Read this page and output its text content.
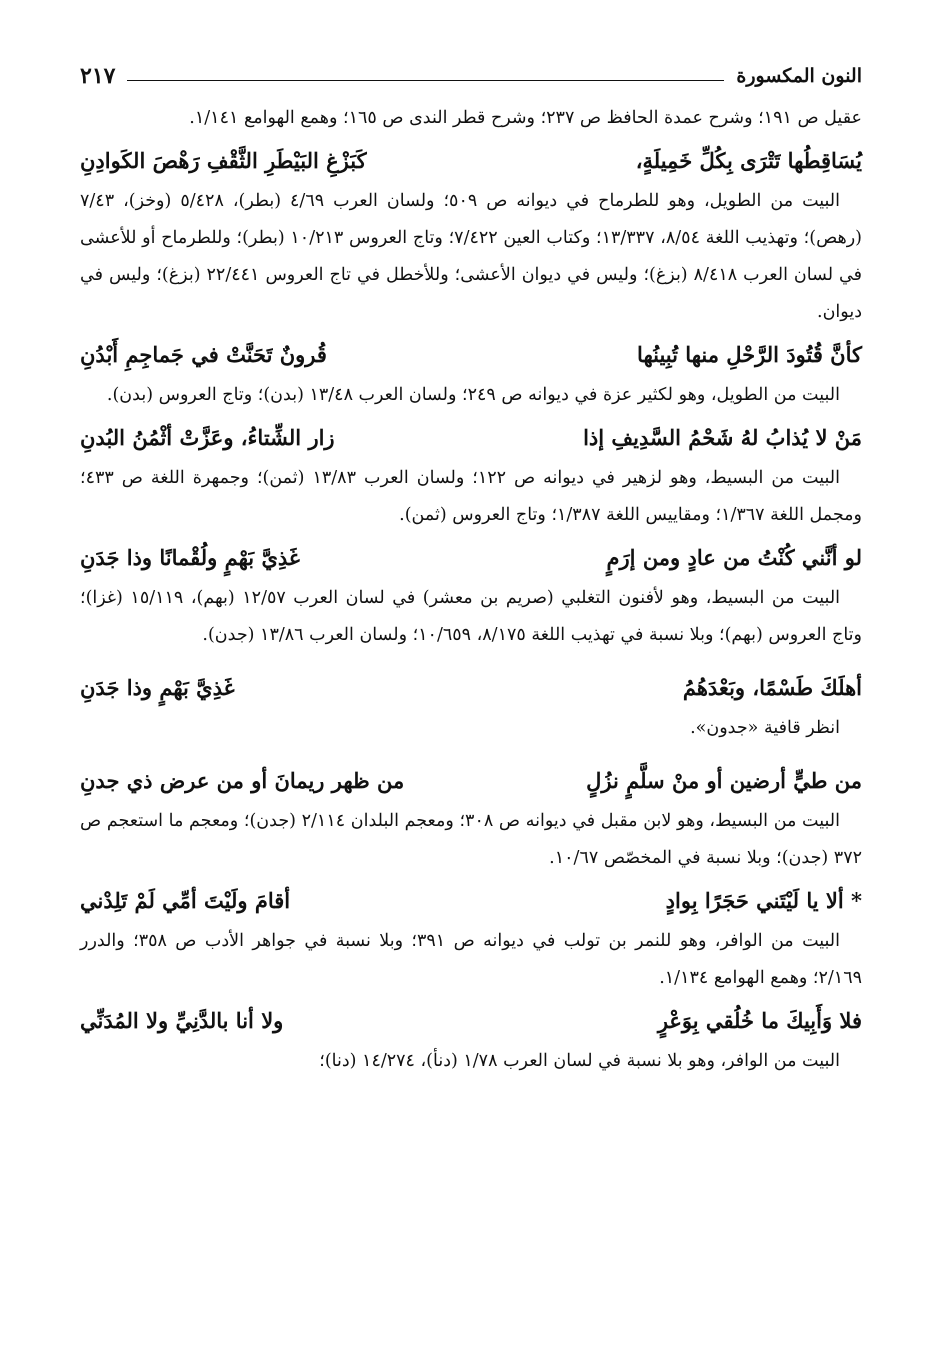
النون المكسورة
٢١٧
عقيل ص ١٩١؛ وشرح عمدة الحافظ ص ٢٣٧؛ وشرح قطر الندى ص ١٦٥؛ وهمع الهوامع ١/١٤١.
يُسَاقِطُها تَتْرَى بِكُلِّ خَمِيلَةٍ،
كَبَزْغِ البَيْطَرِ الثَّقْفِ رَهْصَ الكَوادِنِ
البيت من الطويل، وهو للطرماح في ديوانه ص ٥٠٩؛ ولسان العرب ٤/٦٩ (بطر)، ٥/٤٢٨ (وخز)، ٧/٤٣ (رهص)؛ وتهذيب اللغة ٨/٥٤، ١٣/٣٣٧؛ وكتاب العين ٧/٤٢٢؛ وتاج العروس ١٠/٢١٣ (بطر)؛ وللطرماح أو للأعشى في لسان العرب ٨/٤١٨ (بزغ)؛ وليس في ديوان الأعشى؛ وللأخطل في تاج العروس ٢٢/٤٤١ (بزغ)؛ وليس في ديوان.
كأنَّ قُتُودَ الرَّحْلِ منها تُبِينُها
قُرونٌ تَحَنَّتْ في جَماجِمِ أَبْدُنِ
البيت من الطويل، وهو لكثير عزة في ديوانه ص ٢٤٩؛ ولسان العرب ١٣/٤٨ (بدن)؛ وتاج العروس (بدن).
مَنْ لا يُذابُ لهُ شَحْمُ السَّدِيفِ إذا
زار الشِّتاءُ، وعَزَّتْ أثْمُنُ البُدنِ
البيت من البسيط، وهو لزهير في ديوانه ص ١٢٢؛ ولسان العرب ١٣/٨٣ (ثمن)؛ وجمهرة اللغة ص ٤٣٣؛ ومجمل اللغة ١/٣٦٧؛ ومقاييس اللغة ١/٣٨٧؛ وتاج العروس (ثمن).
لو أنَّني كُنْتُ من عادٍ ومن إرَمٍ
غَذِيَّ بَهْمٍ ولُقْمانًا وذا جَدَنِ
البيت من البسيط، وهو لأفنون التغلبي (صريم بن معشر) في لسان العرب ١٢/٥٧ (بهم)، ١٥/١١٩ (غزا)؛ وتاج العروس (بهم)؛ وبلا نسبة في تهذيب اللغة ٨/١٧٥، ١٠/٦٥٩؛ ولسان العرب ١٣/٨٦ (جدن).
أهلَكَ طَسْمًا، وبَعْدَهُمُ
غَذِيَّ بَهْمٍ وذا جَدَنِ
انظر قافية «جدون».
من طيٍّ أرضين أو منْ سلَّمٍ نزُلٍ
من ظهر ريمانَ أو من عرض ذي جدنِ
البيت من البسيط، وهو لابن مقبل في ديوانه ص ٣٠٨؛ ومعجم البلدان ٢/١١٤ (جدن)؛ ومعجم ما استعجم ص ٣٧٢ (جدن)؛ وبلا نسبة في المخصّص ١٠/٦٧.
* ألا يا لَيْتَني حَجَرًا بِوادٍ
أقامَ ولَيْتَ أمِّي لَمْ تَلِدْني
البيت من الوافر، وهو للنمر بن تولب في ديوانه ص ٣٩١؛ وبلا نسبة في جواهر الأدب ص ٣٥٨؛ والدرر ٢/١٦٩؛ وهمع الهوامع ١/١٣٤.
فلا وَأَبِيكَ ما خُلُقي بِوَعْرٍ
ولا أنا بالدَّنِيِّ ولا المُدَنِّي
البيت من الوافر، وهو بلا نسبة في لسان العرب ١/٧٨ (دنأ)، ١٤/٢٧٤ (دنا)؛
